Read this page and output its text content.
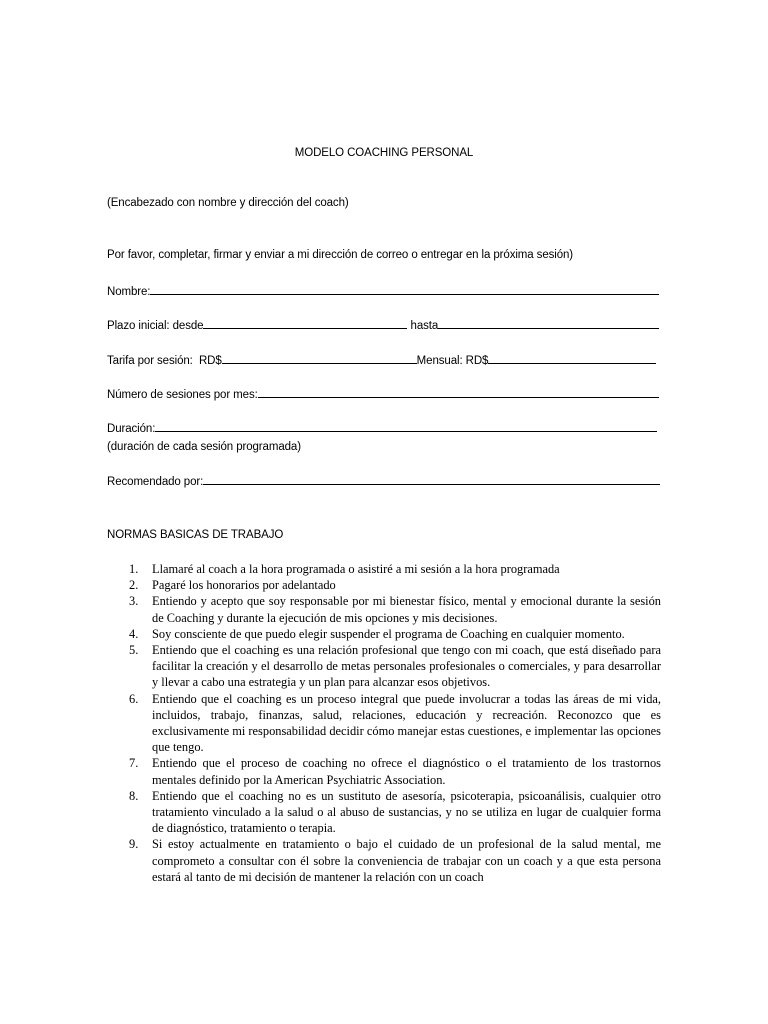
MODELO COACHING PERSONAL
(Encabezado con nombre y dirección del coach)
Por favor, completar, firmar y enviar a mi dirección de correo o entregar en la próxima sesión)
Nombre:
Plazo inicial: desde	hasta
Tarifa por sesión:  RD$	Mensual: RD$
Número de sesiones por mes:
Duración:
(duración de cada sesión programada)
Recomendado por:
NORMAS BASICAS DE TRABAJO
1.	Llamaré al coach a la hora programada o asistiré a mi sesión a la hora programada
2.	Pagaré los honorarios por adelantado
3.	Entiendo y acepto que soy responsable por mi bienestar físico, mental y emocional durante la sesión de Coaching y durante la ejecución de mis opciones y mis decisiones.
4.	Soy consciente de que puedo elegir suspender el programa de Coaching en cualquier momento.
5.	Entiendo que el coaching es una relación profesional que tengo con mi coach, que está diseñado para facilitar la creación y el desarrollo de metas personales profesionales o comerciales, y para desarrollar y llevar a cabo una estrategia y un plan para alcanzar esos objetivos.
6.	Entiendo que el coaching es un proceso integral que puede involucrar a todas las áreas de mi vida, incluidos, trabajo, finanzas, salud, relaciones, educación y recreación. Reconozco que es exclusivamente mi responsabilidad decidir cómo manejar estas cuestiones, e implementar las opciones que tengo.
7.	Entiendo que el proceso de coaching no ofrece el diagnóstico o el tratamiento de los trastornos mentales definido por la American Psychiatric Association.
8.	Entiendo que el coaching no es un sustituto de asesoría, psicoterapia, psicoanálisis, cualquier otro tratamiento vinculado a la salud o al abuso de sustancias, y no se utiliza en lugar de cualquier forma de diagnóstico, tratamiento o terapia.
9.	Si estoy actualmente en tratamiento o bajo el cuidado de un profesional de la salud mental, me comprometo a consultar con él sobre la conveniencia de trabajar con un coach y a que esta persona estará al tanto de mi decisión de mantener la relación con un coach
